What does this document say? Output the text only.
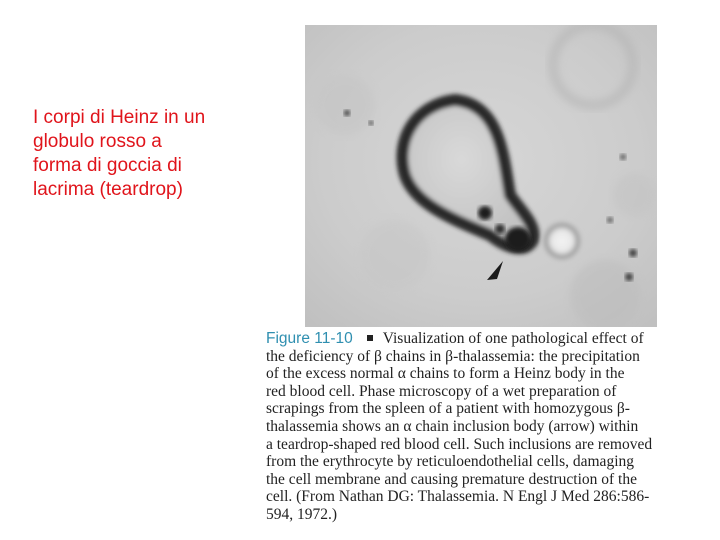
I corpi di Heinz in un
globulo rosso a
forma di goccia di
lacrima (teardrop)
Figure 11-10 Visualization of one pathological effect of
the deficiency of β chains in β-thalassemia: the precipitation
of the excess normal α chains to form a Heinz body in the
red blood cell. Phase microscopy of a wet preparation of
scrapings from the spleen of a patient with homozygous β-
thalassemia shows an α chain inclusion body (arrow) within
a teardrop-shaped red blood cell. Such inclusions are removed
from the erythrocyte by reticuloendothelial cells, damaging
the cell membrane and causing premature destruction of the
cell. (From Nathan DG: Thalassemia. N Engl J Med 286:586-
594, 1972.)
